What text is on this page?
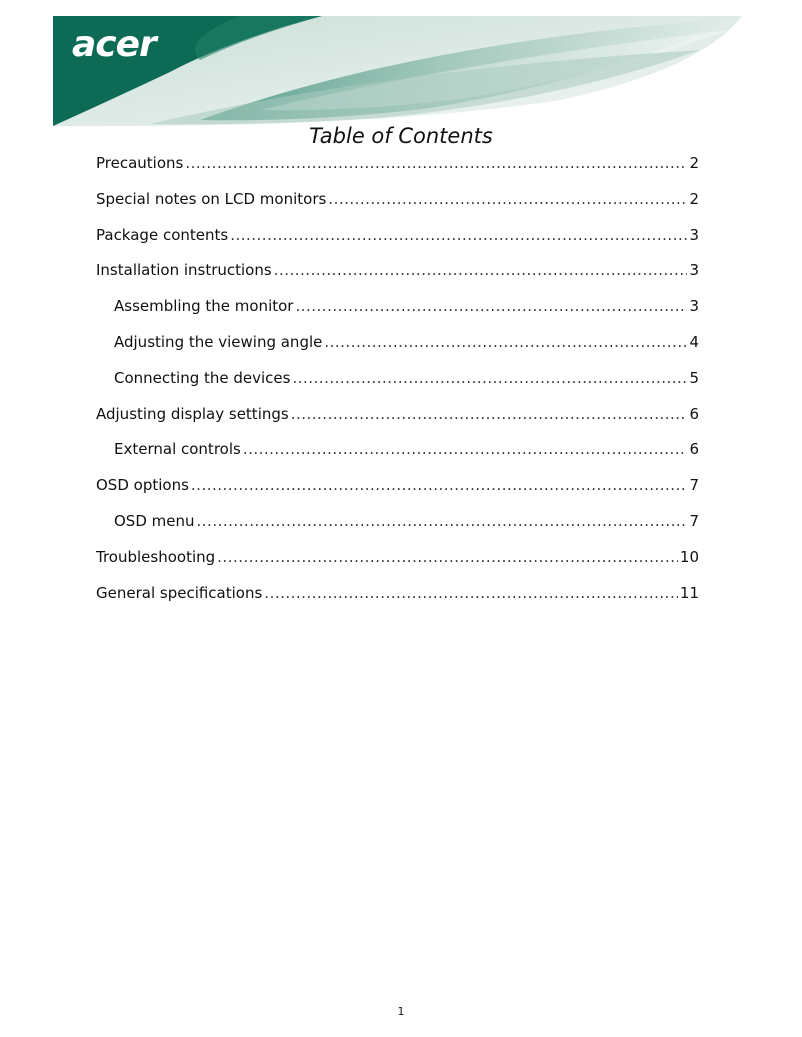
acer
Table of Contents
Precautions .....	2
Special notes on LCD monitors .....	2
Package contents .....	3
Installation instructions .....	3
Assembling the monitor .....	3
Adjusting the viewing angle .....	4
Connecting the devices .....	5
Adjusting display settings .....	6
External controls .....	6
OSD options .....	7
OSD menu .....	7
Troubleshooting .....	10
General specifications .....	11
1
